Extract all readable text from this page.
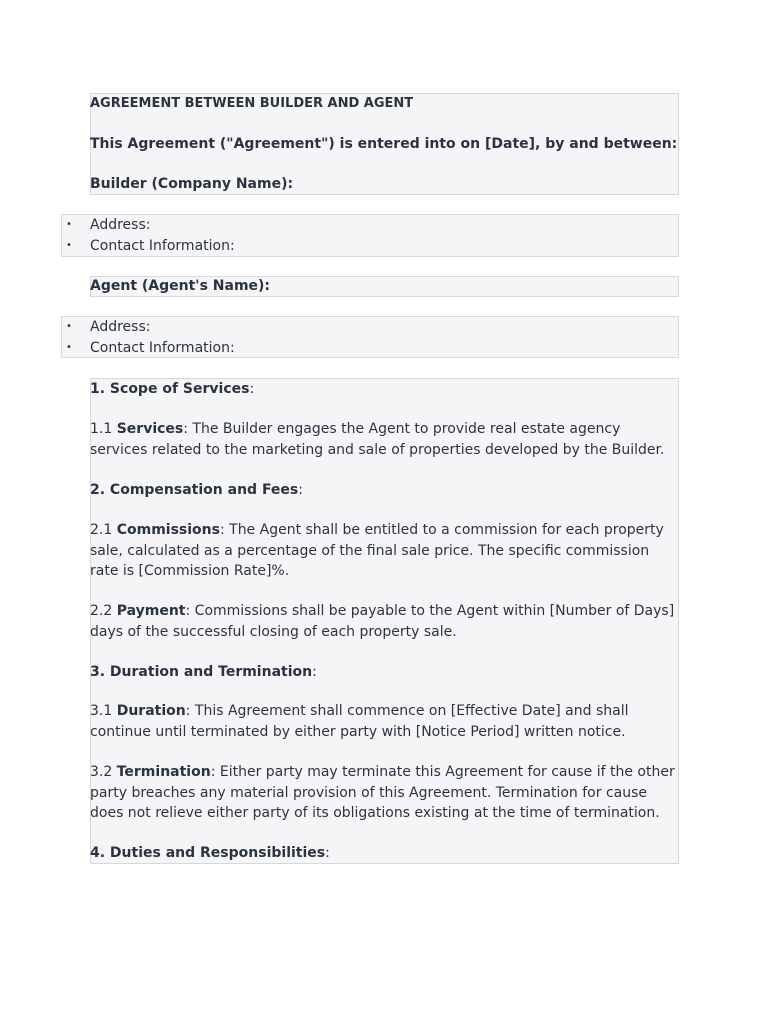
AGREEMENT BETWEEN BUILDER AND AGENT
This Agreement ("Agreement") is entered into on [Date], by and between:
Builder (Company Name):
• Address:
• Contact Information:
Agent (Agent's Name):
• Address:
• Contact Information:
1. Scope of Services:
1.1 Services: The Builder engages the Agent to provide real estate agency services related to the marketing and sale of properties developed by the Builder.
2. Compensation and Fees:
2.1 Commissions: The Agent shall be entitled to a commission for each property sale, calculated as a percentage of the final sale price. The specific commission rate is [Commission Rate]%.
2.2 Payment: Commissions shall be payable to the Agent within [Number of Days] days of the successful closing of each property sale.
3. Duration and Termination:
3.1 Duration: This Agreement shall commence on [Effective Date] and shall continue until terminated by either party with [Notice Period] written notice.
3.2 Termination: Either party may terminate this Agreement for cause if the other party breaches any material provision of this Agreement. Termination for cause does not relieve either party of its obligations existing at the time of termination.
4. Duties and Responsibilities:
